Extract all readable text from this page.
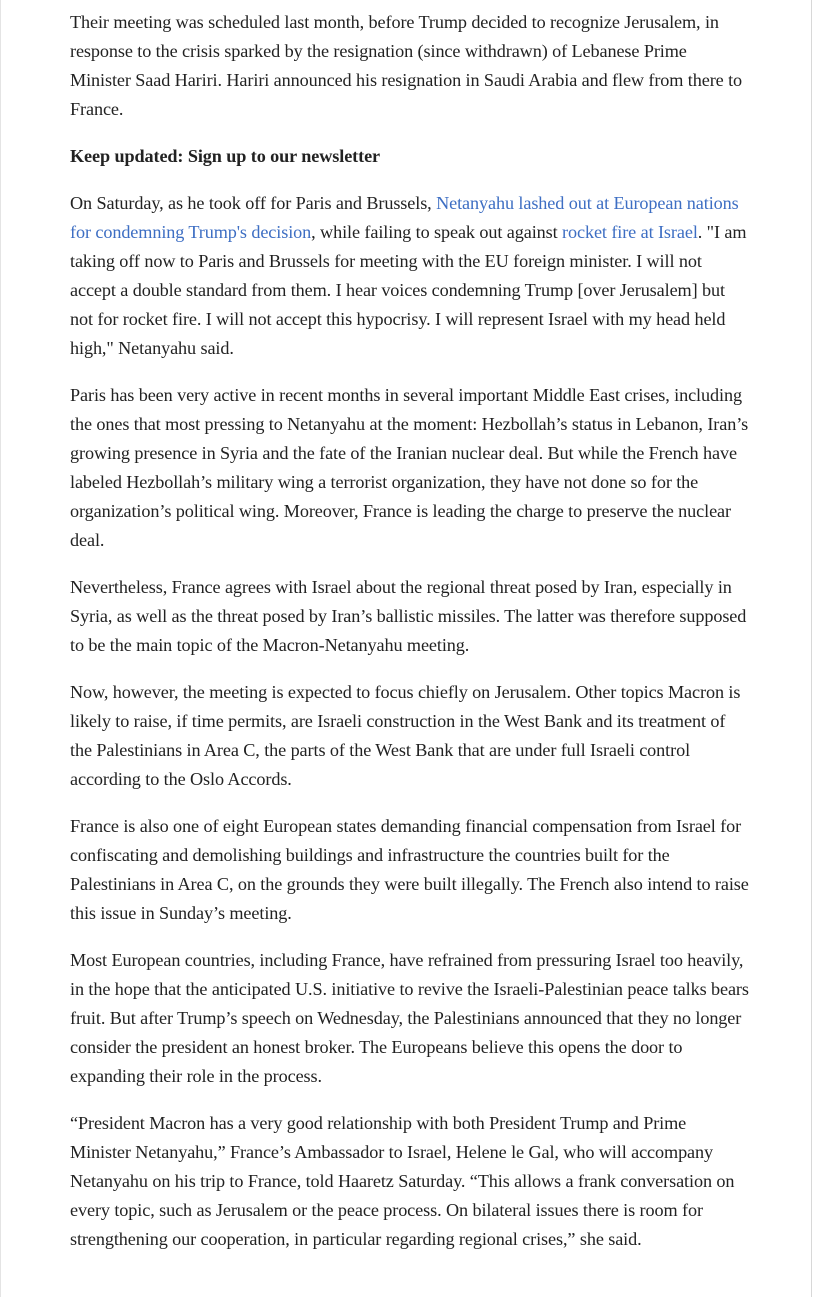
Their meeting was scheduled last month, before Trump decided to recognize Jerusalem, in response to the crisis sparked by the resignation (since withdrawn) of Lebanese Prime Minister Saad Hariri. Hariri announced his resignation in Saudi Arabia and flew from there to France.

Keep updated: Sign up to our newsletter

On Saturday, as he took off for Paris and Brussels, Netanyahu lashed out at European nations for condemning Trump's decision, while failing to speak out against rocket fire at Israel. "I am taking off now to Paris and Brussels for meeting with the EU foreign minister. I will not accept a double standard from them. I hear voices condemning Trump [over Jerusalem] but not for rocket fire. I will not accept this hypocrisy. I will represent Israel with my head held high," Netanyahu said.

Paris has been very active in recent months in several important Middle East crises, including the ones that most pressing to Netanyahu at the moment: Hezbollah’s status in Lebanon, Iran’s growing presence in Syria and the fate of the Iranian nuclear deal. But while the French have labeled Hezbollah’s military wing a terrorist organization, they have not done so for the organization’s political wing. Moreover, France is leading the charge to preserve the nuclear deal.

Nevertheless, France agrees with Israel about the regional threat posed by Iran, especially in Syria, as well as the threat posed by Iran’s ballistic missiles. The latter was therefore supposed to be the main topic of the Macron-Netanyahu meeting.

Now, however, the meeting is expected to focus chiefly on Jerusalem. Other topics Macron is likely to raise, if time permits, are Israeli construction in the West Bank and its treatment of the Palestinians in Area C, the parts of the West Bank that are under full Israeli control according to the Oslo Accords.

France is also one of eight European states demanding financial compensation from Israel for confiscating and demolishing buildings and infrastructure the countries built for the Palestinians in Area C, on the grounds they were built illegally. The French also intend to raise this issue in Sunday’s meeting.

Most European countries, including France, have refrained from pressuring Israel too heavily, in the hope that the anticipated U.S. initiative to revive the Israeli-Palestinian peace talks bears fruit. But after Trump’s speech on Wednesday, the Palestinians announced that they no longer consider the president an honest broker. The Europeans believe this opens the door to expanding their role in the process.

“President Macron has a very good relationship with both President Trump and Prime Minister Netanyahu,” France’s Ambassador to Israel, Helene le Gal, who will accompany Netanyahu on his trip to France, told Haaretz Saturday. “This allows a frank conversation on every topic, such as Jerusalem or the peace process. On bilateral issues there is room for strengthening our cooperation, in particular regarding regional crises,” she said.
